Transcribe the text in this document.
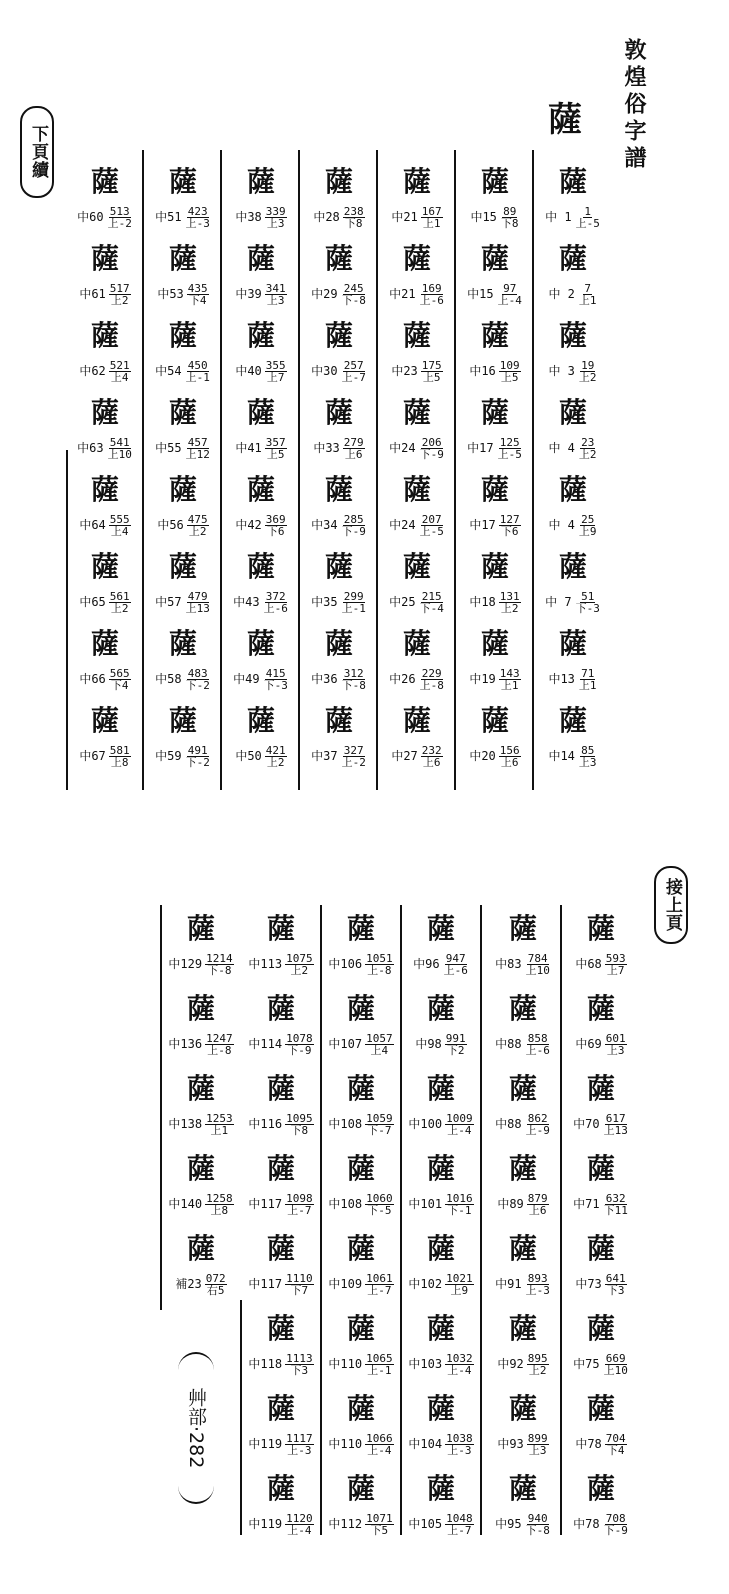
敦煌俗字譜
薩
下頁續
接上頁
艸部·282
薩
中 $1 \frac{1}{\text{上-5}}$
薩
中 $2 \frac{7}{\text{上1}}$
薩
中 $3 \frac{19}{\text{上2}}$
薩
中 $4 \frac{23}{\text{上2}}$
薩
中 $4 \frac{25}{\text{上9}}$
薩
中 $7 \frac{51}{\text{下-3}}$
薩
中$13 \frac{71}{\text{上1}}$
薩
中$14 \frac{85}{\text{上3}}$
薩
中$15 \frac{89}{\text{下8}}$
薩
中$15 \frac{97}{\text{上-4}}$
薩
中$16 \frac{109}{\text{上5}}$
薩
中$17 \frac{125}{\text{上-5}}$
薩
中$17 \frac{127}{\text{下6}}$
薩
中$18 \frac{131}{\text{上2}}$
薩
中$19 \frac{143}{\text{上1}}$
薩
中$20 \frac{156}{\text{上6}}$
薩
中$21 \frac{167}{\text{上1}}$
薩
中$21 \frac{169}{\text{上-6}}$
薩
中$23 \frac{175}{\text{上5}}$
薩
中$24 \frac{206}{\text{下-9}}$
薩
中$24 \frac{207}{\text{上-5}}$
薩
中$25 \frac{215}{\text{下-4}}$
薩
中$26 \frac{229}{\text{上-8}}$
薩
中$27 \frac{232}{\text{上6}}$
薩
中$28 \frac{238}{\text{下8}}$
薩
中$29 \frac{245}{\text{下-8}}$
薩
中$30 \frac{257}{\text{上-7}}$
薩
中$33 \frac{279}{\text{上6}}$
薩
中$34 \frac{285}{\text{下-9}}$
薩
中$35 \frac{299}{\text{上-1}}$
薩
中$36 \frac{312}{\text{下-8}}$
薩
中$37 \frac{327}{\text{上-2}}$
薩
中$38 \frac{339}{\text{上3}}$
薩
中$39 \frac{341}{\text{上3}}$
薩
中$40 \frac{355}{\text{上7}}$
薩
中$41 \frac{357}{\text{上5}}$
薩
中$42 \frac{369}{\text{下6}}$
薩
中$43 \frac{372}{\text{上-6}}$
薩
中$49 \frac{415}{\text{下-3}}$
薩
中$50 \frac{421}{\text{上2}}$
薩
中$51 \frac{423}{\text{上-3}}$
薩
中$53 \frac{435}{\text{下4}}$
薩
中$54 \frac{450}{\text{上-1}}$
薩
中$55 \frac{457}{\text{上12}}$
薩
中$56 \frac{475}{\text{上2}}$
薩
中$57 \frac{479}{\text{上13}}$
薩
中$58 \frac{483}{\text{下-2}}$
薩
中$59 \frac{491}{\text{下-2}}$
薩
中$60 \frac{513}{\text{上-2}}$
薩
中$61 \frac{517}{\text{上2}}$
薩
中$62 \frac{521}{\text{上4}}$
薩
中$63 \frac{541}{\text{上10}}$
薩
中$64 \frac{555}{\text{上4}}$
薩
中$65 \frac{561}{\text{上2}}$
薩
中$66 \frac{565}{\text{下4}}$
薩
中$67 \frac{581}{\text{上8}}$
薩
中$68 \frac{593}{\text{上7}}$
薩
中$69 \frac{601}{\text{上3}}$
薩
中$70 \frac{617}{\text{上13}}$
薩
中$71 \frac{632}{\text{下11}}$
薩
中$73 \frac{641}{\text{下3}}$
薩
中$75 \frac{669}{\text{上10}}$
薩
中$78 \frac{704}{\text{下4}}$
薩
中$78 \frac{708}{\text{下-9}}$
薩
中$83 \frac{784}{\text{上10}}$
薩
中$88 \frac{858}{\text{上-6}}$
薩
中$88 \frac{862}{\text{上-9}}$
薩
中$89 \frac{879}{\text{上6}}$
薩
中$91 \frac{893}{\text{上-3}}$
薩
中$92 \frac{895}{\text{上2}}$
薩
中$93 \frac{899}{\text{上3}}$
薩
中$95 \frac{940}{\text{下-8}}$
薩
中$96 \frac{947}{\text{上-6}}$
薩
中$98 \frac{991}{\text{下2}}$
薩
中$100 \frac{1009}{\text{上-4}}$
薩
中$101 \frac{1016}{\text{下-1}}$
薩
中$102 \frac{1021}{\text{上9}}$
薩
中$103 \frac{1032}{\text{上-4}}$
薩
中$104 \frac{1038}{\text{上-3}}$
薩
中$105 \frac{1048}{\text{上-7}}$
薩
中$106 \frac{1051}{\text{上-8}}$
薩
中$107 \frac{1057}{\text{上4}}$
薩
中$108 \frac{1059}{\text{下-7}}$
薩
中$108 \frac{1060}{\text{下-5}}$
薩
中$109 \frac{1061}{\text{上-7}}$
薩
中$110 \frac{1065}{\text{上-1}}$
薩
中$110 \frac{1066}{\text{上-4}}$
薩
中$112 \frac{1071}{\text{下5}}$
薩
中$113 \frac{1075}{\text{上2}}$
薩
中$114 \frac{1078}{\text{下-9}}$
薩
中$116 \frac{1095}{\text{下8}}$
薩
中$117 \frac{1098}{\text{上-7}}$
薩
中$117 \frac{1110}{\text{下7}}$
薩
中$118 \frac{1113}{\text{下3}}$
薩
中$119 \frac{1117}{\text{上-3}}$
薩
中$119 \frac{1120}{\text{上-4}}$
薩
中$129 \frac{1214}{\text{下-8}}$
薩
中$136 \frac{1247}{\text{上-8}}$
薩
中$138 \frac{1253}{\text{上1}}$
薩
中$140 \frac{1258}{\text{上8}}$
薩
補$23 \frac{072}{\text{右5}}$
